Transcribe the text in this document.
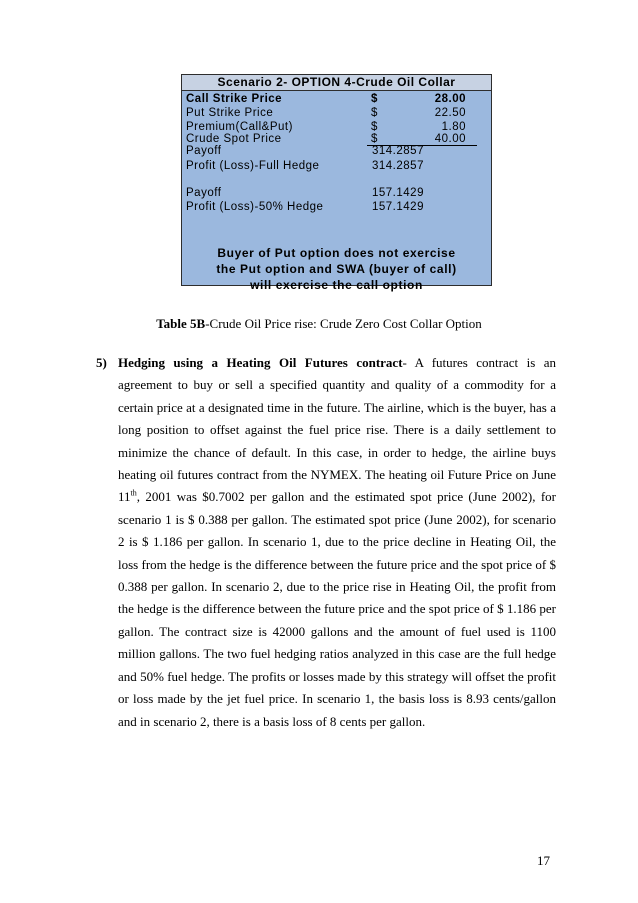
Scenario 2- OPTION 4-Crude Oil Collar
Call Strike Price	$	28.00
Put Strike Price	$	22.50
Premium(Call&Put)	$	1.80
Crude Spot Price	$	40.00
Payoff	314.2857
Profit (Loss)-Full Hedge	314.2857
Payoff	157.1429
Profit (Loss)-50% Hedge	157.1429
Buyer of Put option does not exercise
the Put option and SWA (buyer of call)
will exercise the call option
Table 5B-Crude Oil Price rise: Crude Zero Cost Collar Option
5) Hedging using a Heating Oil Futures contract- A futures contract is an agreement to buy or sell a specified quantity and quality of a commodity for a certain price at a designated time in the future. The airline, which is the buyer, has a long position to offset against the fuel price rise. There is a daily settlement to minimize the chance of default. In this case, in order to hedge, the airline buys heating oil futures contract from the NYMEX. The heating oil Future Price on June 11th, 2001 was $0.7002 per gallon and the estimated spot price (June 2002), for scenario 1 is $ 0.388 per gallon. The estimated spot price (June 2002), for scenario 2 is $ 1.186 per gallon. In scenario 1, due to the price decline in Heating Oil, the loss from the hedge is the difference between the future price and the spot price of $ 0.388 per gallon. In scenario 2, due to the price rise in Heating Oil, the profit from the hedge is the difference between the future price and the spot price of $ 1.186 per gallon. The contract size is 42000 gallons and the amount of fuel used is 1100 million gallons. The two fuel hedging ratios analyzed in this case are the full hedge and 50% fuel hedge. The profits or losses made by this strategy will offset the profit or loss made by the jet fuel price. In scenario 1, the basis loss is 8.93 cents/gallon and in scenario 2, there is a basis loss of 8 cents per gallon.
17
